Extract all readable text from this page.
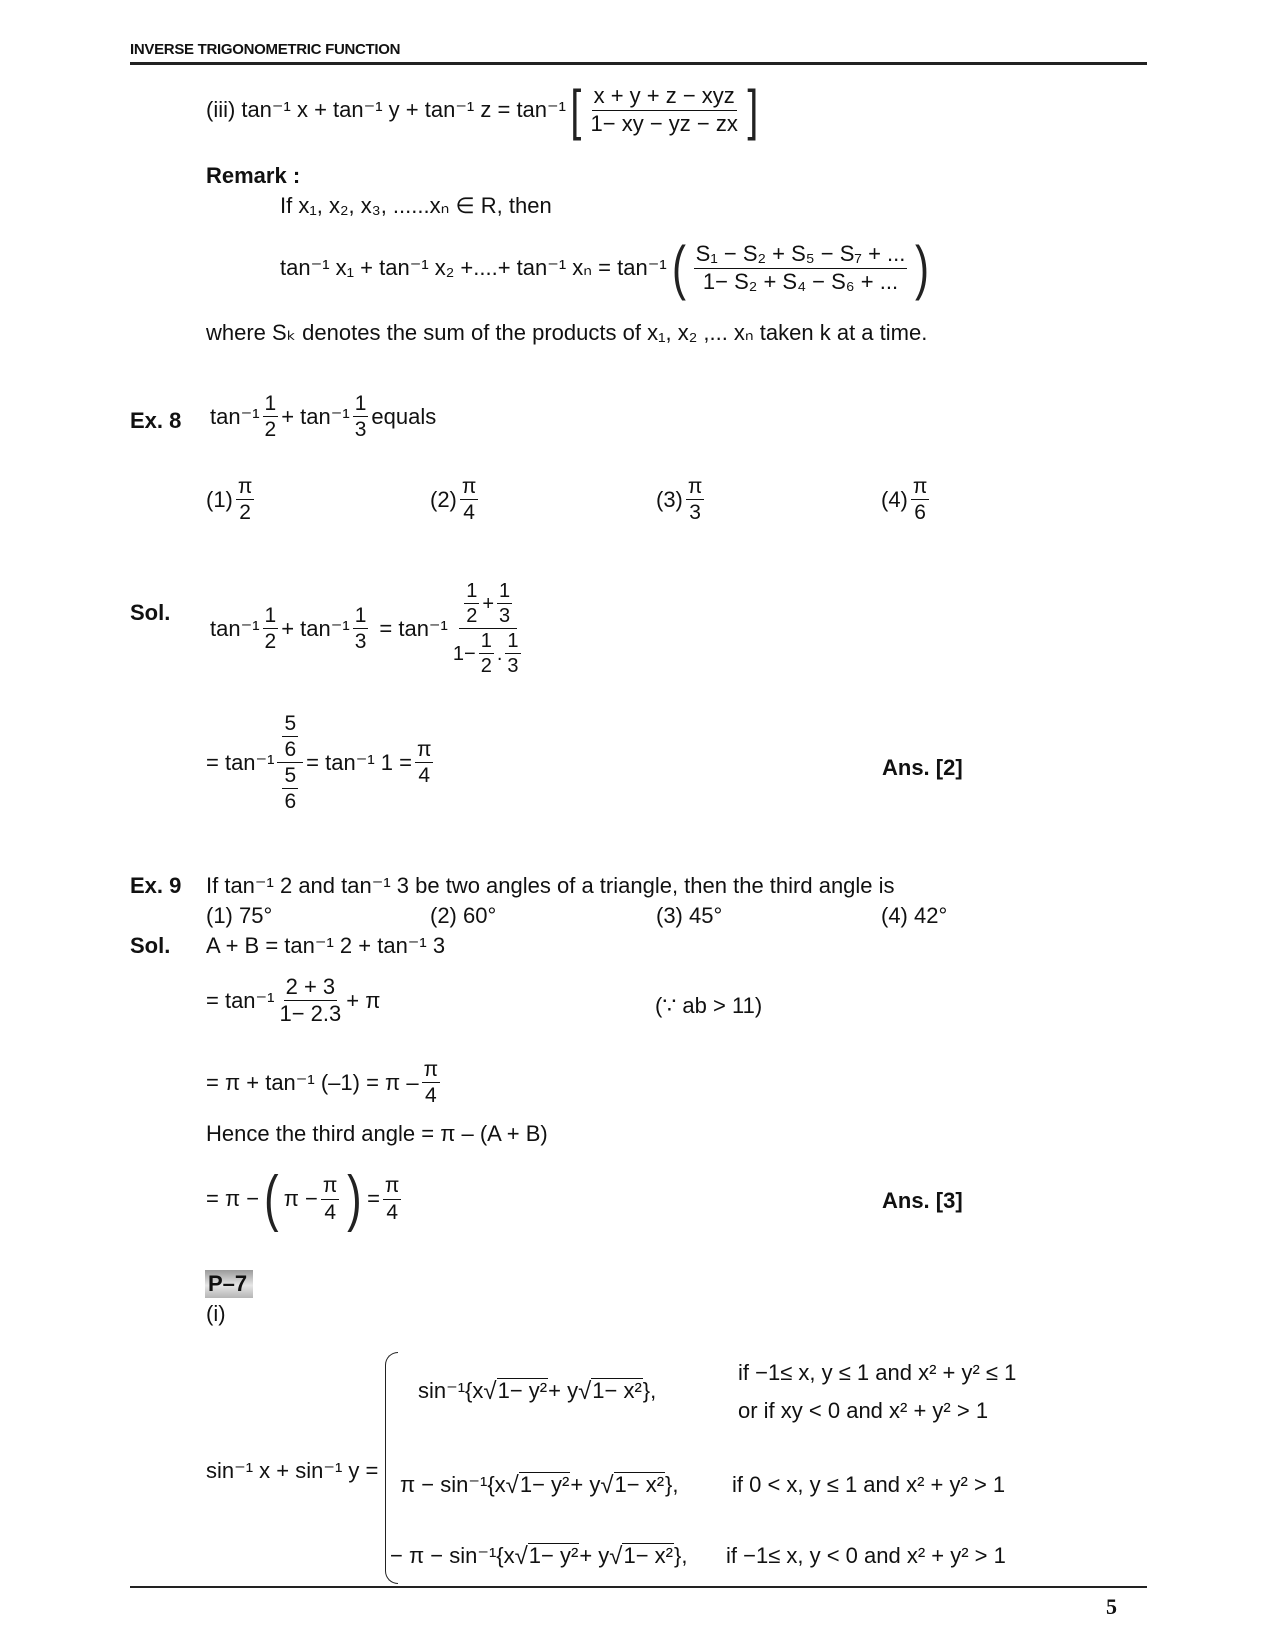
INVERSE TRIGONOMETRIC FUNCTION
(iii) tan⁻¹ x + tan⁻¹ y + tan⁻¹ z = tan⁻¹ [ $\frac{\text{x + y + z − xyz}}{1- xy - yz - zx}$ ]
Remark :
If x₁, x₂, x₃, ......xₙ ∈ R, then
tan⁻¹ x₁ + tan⁻¹ x₂ +....+ tan⁻¹ xₙ = tan⁻¹ ( $\frac{\text{S₁ − S₂ + S₅ − S₇ + ...}}{\text{1− S₂ + S₄ − S₆ + ...}}$ )
where Sₖ denotes the sum of the products of x₁, x₂ ,... xₙ taken k at a time.
Ex. 8 $\tan^{-1} \frac{1}{2} + \tan^{-1} \frac{1}{3}$ equals
$(1) \frac{\pi}{2}$	$(2) \frac{\pi}{4}$	$(3) \frac{\pi}{3}$	$(4) \frac{\pi}{6}$
Sol.
$\tan^{-1} \frac{1}{2} + \tan^{-1} \frac{1}{3} = \tan^{-1} \frac{\frac{1}{2} + \frac{1}{3}}{1- \frac{1}{2} . \frac{1}{3}}$
= $\tan^{-1} \frac{\frac{5}{6}}{\frac{5}{6}} = \tan^{-1}$ $1 = \frac{\pi}{4}$	Ans. [2]
Ex. 9 If tan⁻¹ 2 and tan⁻¹ 3 be two angles of a triangle, then the third angle is
(1) 75°	(2) 60°	(3) 45°	(4) 42°
Sol. A + B = tan⁻¹ 2 + tan⁻¹ 3
= $\tan^{-1} \frac{2 + 3}{1- 2.3} + \pi$	(∵ ab > 11)
= π + tan⁻¹ $(-1) = \pi - \frac{\pi}{4}$
Hence the third angle = π – (A + B)
= π − ( $\pi - \frac{\pi}{4}$ ) = $\frac{\pi}{4}$	Ans. [3]
P–7
(i)
sin⁻¹ x + sin⁻¹ y =
sin⁻¹{x √ 1− y² + y √ 1− x² },
if −1≤ x, y ≤ 1 and x² + y² ≤ 1
or if xy < 0 and x² + y² > 1
π − sin⁻¹{x √ 1− y² + y √ 1− x² }, if 0 < x, y ≤ 1 and x² + y² > 1
− π − sin⁻¹{x √ 1− y² + y √ 1− x² }, if −1≤ x, y < 0 and x² + y² > 1
5
